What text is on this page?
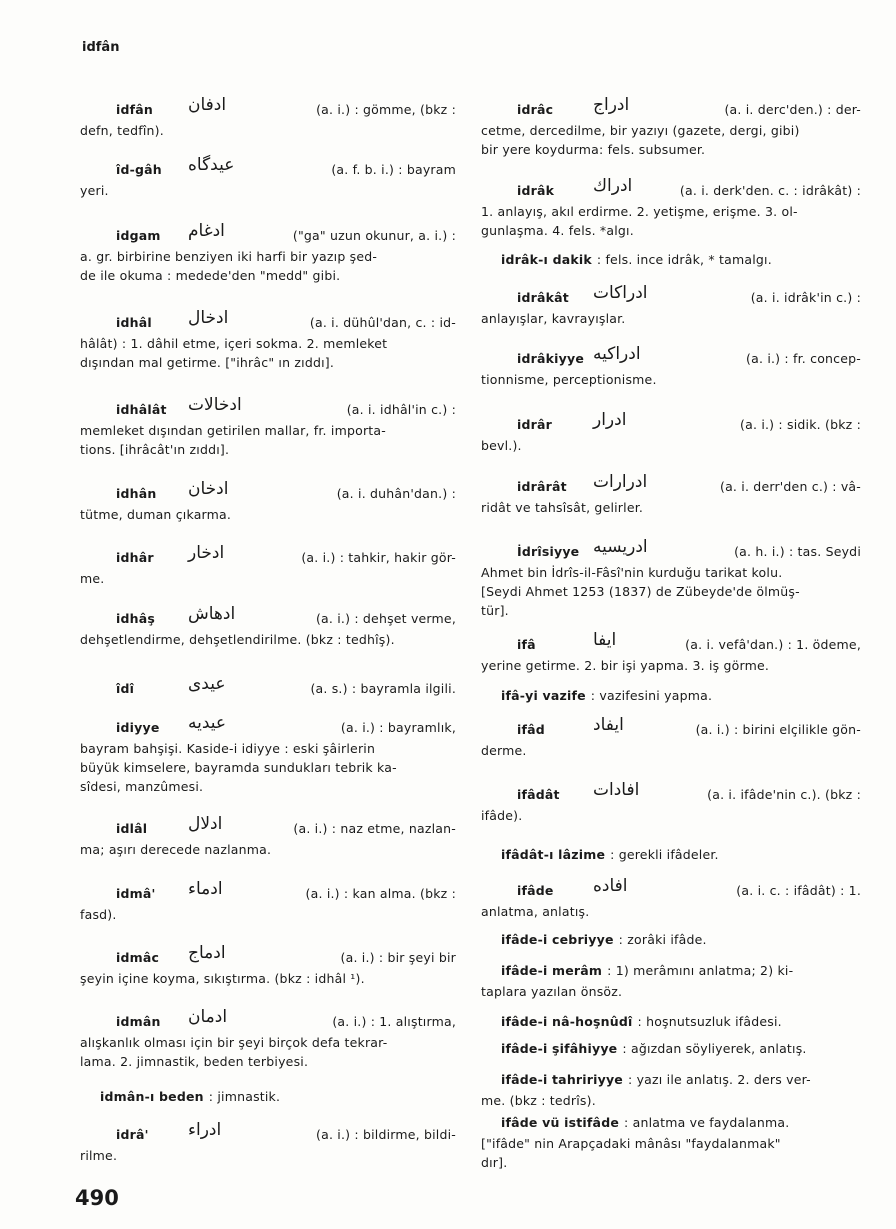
idfân
idfân ادفان	(a. i.) : gömme, (bkz :
defn, tedfîn).
îd-gâh عيدگاه	(a. f. b. i.) : bayram
yeri.
idgam ادغام	("ga" uzun okunur, a. i.) :
a. gr. birbirine benziyen iki harfi bir yazıp şed-
de ile okuma : medede'den "medd" gibi.
idhâl ادخال	(a. i. dühûl'dan, c. : id-
hâlât) : 1. dâhil etme, içeri sokma. 2. memleket
dışından mal getirme. ["ihrâc" ın zıddı].
idhâlât ادخالات	(a. i. idhâl'in c.) :
memleket dışından getirilen mallar, fr. importa-
tions. [ihrâcât'ın zıddı].
idhân ادخان	(a. i. duhân'dan.) :
tütme, duman çıkarma.
idhâr ادخار	(a. i.) : tahkir, hakir gör-
me.
idhâş ادهاش	(a. i.) : dehşet verme,
dehşetlendirme, dehşetlendirilme. (bkz : tedhîş).
îdî	عيدى	(a. s.) : bayramla ilgili.
idiyye عيديه	(a. i.) : bayramlık,
bayram bahşişi. Kaside-i idiyye : eski şâirlerin
büyük kimselere, bayramda sundukları tebrik ka-
sîdesi, manzûmesi.
idlâl ادلال	(a. i.) : naz etme, nazlan-
ma; aşırı derecede nazlanma.
idmâ' ادماء	(a. i.) : kan alma. (bkz :
fasd).
idmâc ادماج	(a. i.) : bir şeyi bir
şeyin içine koyma, sıkıştırma. (bkz : idhâl ¹).
idmân ادمان	(a. i.) : 1. alıştırma,
alışkanlık olması için bir şeyi birçok defa tekrar-
lama. 2. jimnastik, beden terbiyesi.
idmân-ı beden : jimnastik.
idrâ' ادراء	(a. i.) : bildirme, bildi-
rilme.
idrâc ادراج	(a. i. derc'den.) : der-
cetme, dercedilme, bir yazıyı (gazete, dergi, gibi)
bir yere koydurma: fels. subsumer.
idrâk ادراك	(a. i. derk'den. c. : idrâkât) :
1. anlayış, akıl erdirme. 2. yetişme, erişme. 3. ol-
gunlaşma. 4. fels. *algı.
idrâk-ı dakik : fels. ince idrâk, * tamalgı.
idrâkât ادراكات	(a. i. idrâk'in c.) :
anlayışlar, kavrayışlar.
idrâkiyye ادراكيه	(a. i.) : fr. concep-
tionnisme, perceptionisme.
idrâr ادرار	(a. i.) : sidik. (bkz :
bevl.).
idrârât ادرارات	(a. i. derr'den c.) : vâ-
ridât ve tahsîsât, gelirler.
İdrîsiyye ادريسيه	(a. h. i.) : tas. Seydi
Ahmet bin İdrîs-il-Fâsî'nin kurduğu tarikat kolu.
[Seydi Ahmet 1253 (1837) de Zübeyde'de ölmüş-
tür].
ifâ	ايفا	(a. i. vefâ'dan.) : 1. ödeme,
yerine getirme. 2. bir işi yapma. 3. iş görme.
ifâ-yi vazife : vazifesini yapma.
ifâd	ايفاد	(a. i.) : birini elçilikle gön-
derme.
ifâdât افادات	(a. i. ifâde'nin c.). (bkz :
ifâde).
ifâdât-ı lâzime : gerekli ifâdeler.
ifâde افاده	(a. i. c. : ifâdât) : 1.
anlatma, anlatış.
ifâde-i cebriyye : zorâki ifâde.
ifâde-i merâm : 1) merâmını anlatma; 2) ki-
taplara yazılan önsöz.
ifâde-i nâ-hoşnûdî : hoşnutsuzluk ifâdesi.
ifâde-i şifâhiyye : ağızdan söyliyerek, anlatış.
ifâde-i tahririyye : yazı ile anlatış. 2. ders ver-
me. (bkz : tedrîs).
ifâde vü istifâde : anlatma ve faydalanma.
["ifâde" nin Arapçadaki mânâsı "faydalanmak"
dır].
490
